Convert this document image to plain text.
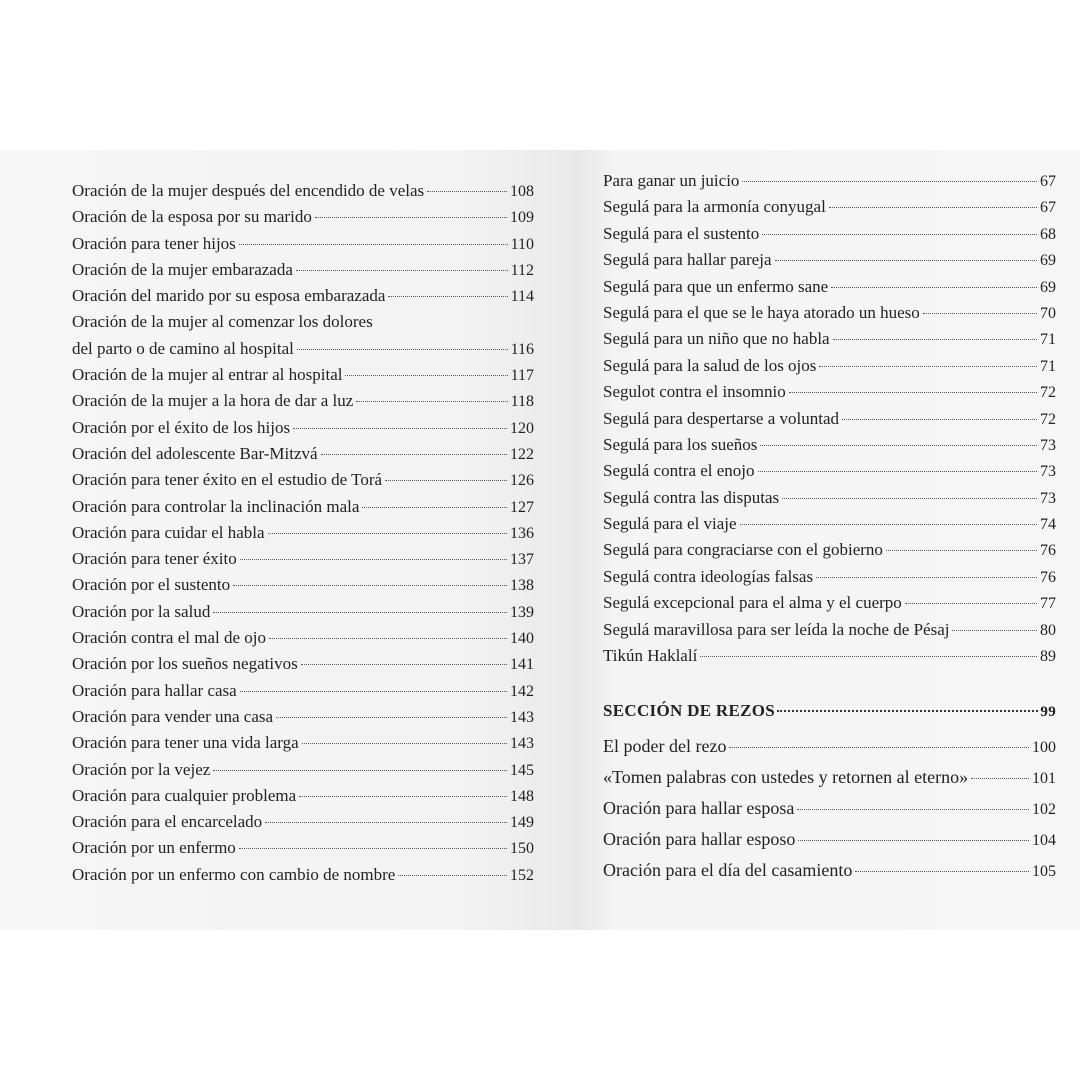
Oración de la mujer después del encendido de velas	108
Oración de la esposa por su marido	109
Oración para tener hijos	110
Oración de la mujer embarazada	112
Oración del marido por su esposa embarazada	114
Oración de la mujer al comenzar los dolores
del parto o de camino al hospital	116
Oración de la mujer al entrar al hospital	117
Oración de la mujer a la hora de dar a luz	118
Oración por el éxito de los hijos	120
Oración del adolescente Bar-Mitzvá	122
Oración para tener éxito en el estudio de Torá	126
Oración para controlar la inclinación mala	127
Oración para cuidar el habla	136
Oración para tener éxito	137
Oración por el sustento	138
Oración por la salud	139
Oración contra el mal de ojo	140
Oración por los sueños negativos	141
Oración para hallar casa	142
Oración para vender una casa	143
Oración para tener una vida larga	143
Oración por la vejez	145
Oración para cualquier problema	148
Oración para el encarcelado	149
Oración por un enfermo	150
Oración por un enfermo con cambio de nombre	152
Para ganar un juicio	67
Segulá para la armonía conyugal	67
Segulá para el sustento	68
Segulá para hallar pareja	69
Segulá para que un enfermo sane	69
Segulá para el que se le haya atorado un hueso	70
Segulá para un niño que no habla	71
Segulá para la salud de los ojos	71
Segulot contra el insomnio	72
Segulá para despertarse a voluntad	72
Segulá para los sueños	73
Segulá contra el enojo	73
Segulá contra las disputas	73
Segulá para el viaje	74
Segulá para congraciarse con el gobierno	76
Segulá contra ideologías falsas	76
Segulá excepcional para el alma y el cuerpo	77
Segulá maravillosa para ser leída la noche de Pésaj	80
Tikún Haklalí	89
SECCIÓN DE REZOS	99
El poder del rezo	100
«Tomen palabras con ustedes y retornen al eterno»	101
Oración para hallar esposa	102
Oración para hallar esposo	104
Oración para el día del casamiento	105
